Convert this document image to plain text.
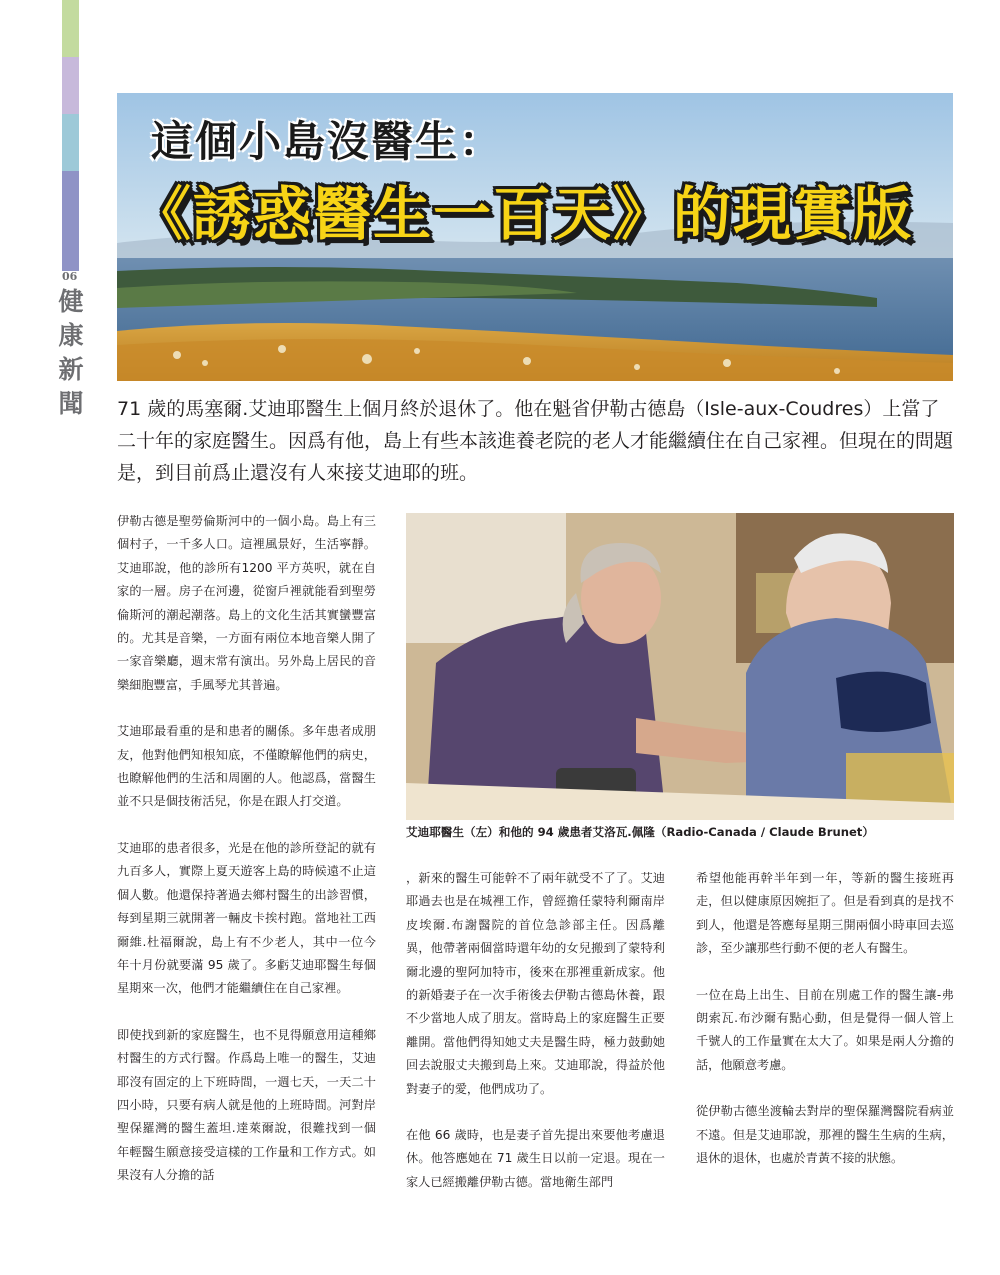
06
健
康
新
聞
這個小島沒醫生：
《誘惑醫生一百天》的現實版
71 歲的馬塞爾.艾迪耶醫生上個月終於退休了。他在魁省伊勒古德島（Isle-aux-Coudres）上當了二十年的家庭醫生。因爲有他，島上有些本該進養老院的老人才能繼續住在自己家裡。但現在的問題是，到目前爲止還沒有人來接艾迪耶的班。

伊勒古德是聖勞倫斯河中的一個小島。島上有三個村子，一千多人口。這裡風景好，生活寧靜。艾迪耶說，他的診所有1200 平方英呎，就在自家的一層。房子在河邊，從窗戶裡就能看到聖勞倫斯河的潮起潮落。島上的文化生活其實蠻豐富的。尤其是音樂，一方面有兩位本地音樂人開了一家音樂廳，週末常有演出。另外島上居民的音樂細胞豐富，手風琴尤其普遍。

艾迪耶最看重的是和患者的關係。多年患者成朋友，他對他們知根知底，不僅瞭解他們的病史，也瞭解他們的生活和周圍的人。他認爲，當醫生並不只是個技術活兒，你是在跟人打交道。

艾迪耶的患者很多，光是在他的診所登記的就有九百多人，實際上夏天遊客上島的時候遠不止這個人數。他還保持著過去鄉村醫生的出診習慣，每到星期三就開著一輛皮卡挨村跑。當地社工西爾維.杜福爾說，島上有不少老人，其中一位今年十月份就要滿 95 歲了。多虧艾迪耶醫生每個星期來一次，他們才能繼續住在自己家裡。

即使找到新的家庭醫生，也不見得願意用這種鄉村醫生的方式行醫。作爲島上唯一的醫生，艾迪耶沒有固定的上下班時間，一週七天，一天二十四小時，只要有病人就是他的上班時間。河對岸聖保羅灣的醫生蓋坦.達萊爾說，很難找到一個年輕醫生願意接受這樣的工作量和工作方式。如果沒有人分擔的話

艾迪耶醫生（左）和他的 94 歲患者艾洛瓦.佩隆（Radio-Canada / Claude Brunet）

，新來的醫生可能幹不了兩年就受不了了。艾迪耶過去也是在城裡工作，曾經擔任蒙特利爾南岸皮埃爾.布謝醫院的首位急診部主任。因爲離異，他帶著兩個當時還年幼的女兒搬到了蒙特利爾北邊的聖阿加特市，後來在那裡重新成家。他的新婚妻子在一次手術後去伊勒古德島休養，跟不少當地人成了朋友。當時島上的家庭醫生正要離開。當他們得知她丈夫是醫生時，極力鼓動她回去說服丈夫搬到島上來。艾迪耶說，得益於他對妻子的愛，他們成功了。

在他 66 歲時，也是妻子首先提出來要他考慮退休。他答應她在 71 歲生日以前一定退。現在一家人已經搬離伊勒古德。當地衛生部門

希望他能再幹半年到一年，等新的醫生接班再走，但以健康原因婉拒了。但是看到真的是找不到人，他還是答應每星期三開兩個小時車回去巡診，至少讓那些行動不便的老人有醫生。

一位在島上出生、目前在別處工作的醫生讓-弗朗索瓦.布沙爾有點心動，但是覺得一個人管上千號人的工作量實在太大了。如果是兩人分擔的話，他願意考慮。

從伊勒古德坐渡輪去對岸的聖保羅灣醫院看病並不遠。但是艾迪耶說，那裡的醫生生病的生病，退休的退休，也處於青黃不接的狀態。
